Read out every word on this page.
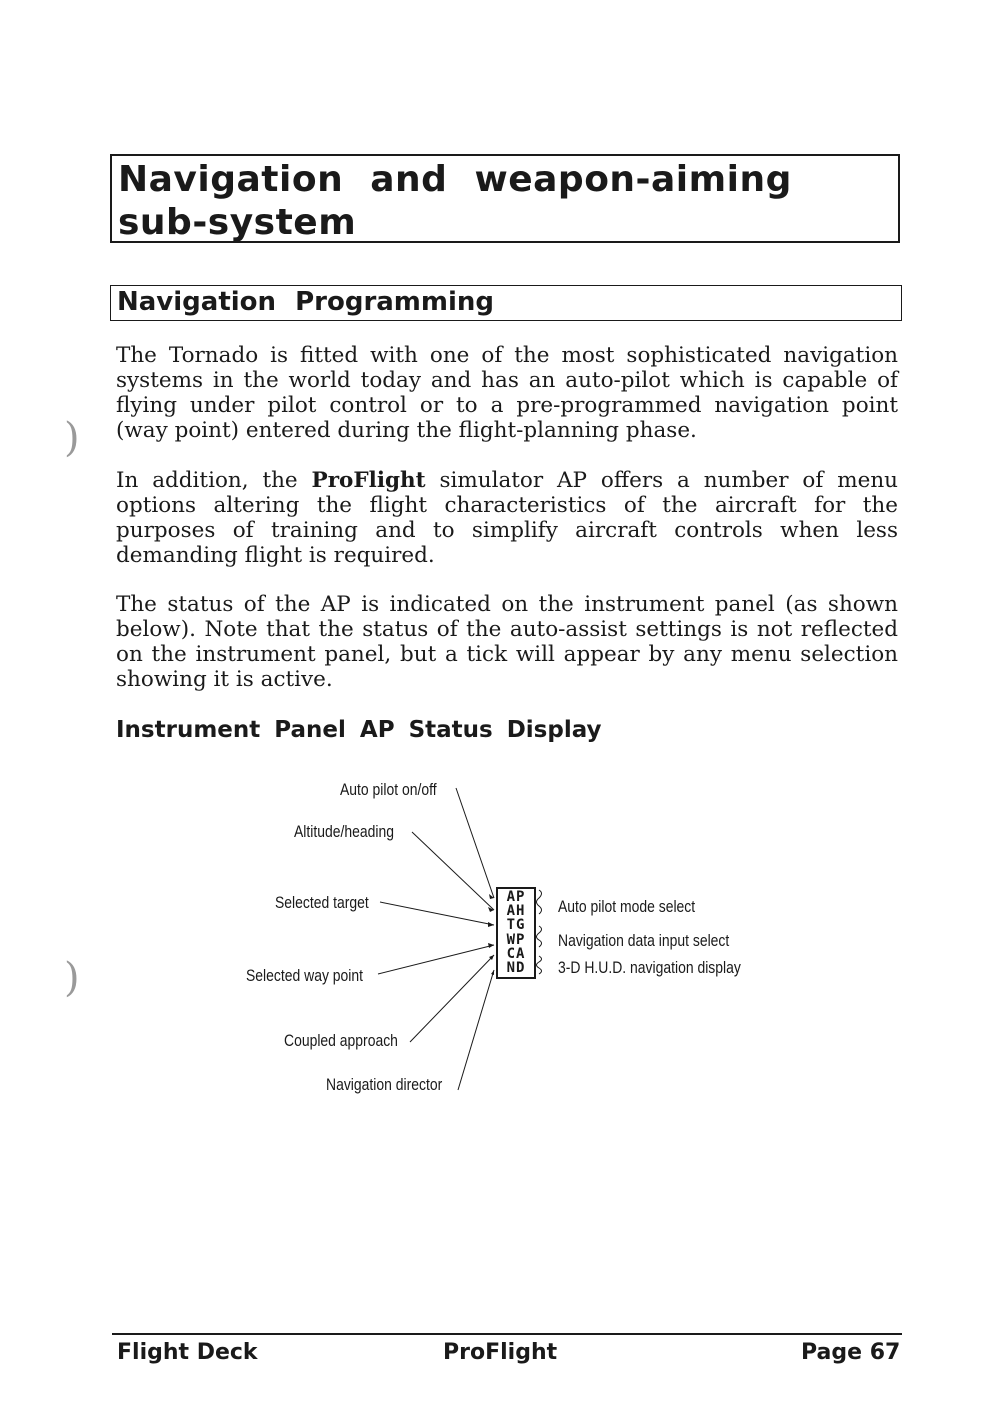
Navigation and weapon-aiming sub-system
Navigation Programming

The Tornado is fitted with one of the most sophisticated navigation systems in the world today and has an auto-pilot which is capable of flying under pilot control or to a pre-programmed navigation point (way point) entered during the flight-planning phase.

In addition, the ProFlight simulator AP offers a number of menu options altering the flight characteristics of the aircraft for the purposes of training and to simplify aircraft controls when less demanding flight is required.

The status of the AP is indicated on the instrument panel (as shown below). Note that the status of the auto-assist settings is not reflected on the instrument panel, but a tick will appear by any menu selection showing it is active.

Instrument Panel AP Status Display
Auto pilot on/off
Altitude/heading
Selected target
Selected way point
Coupled approach
Navigation director
AP
AH
TG
WP
CA
ND
Auto pilot mode select
Navigation data input select
3-D H.U.D. navigation display
)
)

Flight Deck	ProFlight	Page 67
